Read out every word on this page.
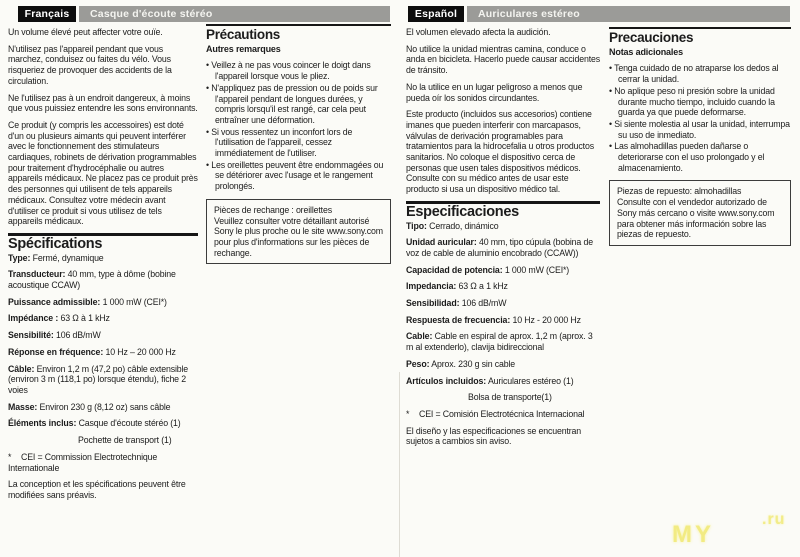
Français	Casque d'écoute stéréo	Español	Auriculares estéreo

Un volume élevé peut affecter votre ouïe.

N'utilisez pas l'appareil pendant que vous marchez, conduisez ou faites du vélo. Vous risqueriez de provoquer des accidents de la circulation.

Ne l'utilisez pas à un endroit dangereux, à moins que vous puissiez entendre les sons environnants.

Ce produit (y compris les accessoires) est doté d'un ou plusieurs aimants qui peuvent interférer avec le fonctionnement des stimulateurs cardiaques, robinets de dérivation programmables pour traitement d'hydrocéphalie ou autres appareils médicaux. Ne placez pas ce produit près des personnes qui utilisent de tels appareils médicaux. Consultez votre médecin avant d'utiliser ce produit si vous utilisez de tels appareils médicaux.

Spécifications

Type: Fermé, dynamique

Transducteur: 40 mm, type à dôme (bobine acoustique CCAW)

Puissance admissible: 1 000 mW (CEI*)

Impédance : 63 Ω à 1 kHz

Sensibilité: 106 dB/mW

Réponse en fréquence: 10 Hz – 20 000 Hz

Câble: Environ 1,2 m (47,2 po) câble extensible (environ 3 m (118,1 po) lorsque étendu), fiche 2 voies

Masse: Environ 230 g (8,12 oz) sans câble

Éléments inclus: Casque d'écoute stéréo (1)

Pochette de transport (1)

* CEI = Commission Electrotechnique Internationale

La conception et les spécifications peuvent être modifiées sans préavis.

Précautions

Autres remarques

• Veillez à ne pas vous coincer le doigt dans l'appareil lorsque vous le pliez.
• N'appliquez pas de pression ou de poids sur l'appareil pendant de longues durées, y compris lorsqu'il est rangé, car cela peut entraîner une déformation.
• Si vous ressentez un inconfort lors de l'utilisation de l'appareil, cessez immédiatement de l'utiliser.
• Les oreillettes peuvent être endommagées ou se détériorer avec l'usage et le rangement prolongés.

Pièces de rechange : oreillettes

Veuillez consulter votre détaillant autorisé Sony le plus proche ou le site www.sony.com pour plus d'informations sur les pièces de rechange.

El volumen elevado afecta la audición.

No utilice la unidad mientras camina, conduce o anda en bicicleta. Hacerlo puede causar accidentes de tránsito.

No la utilice en un lugar peligroso a menos que pueda oír los sonidos circundantes.

Este producto (incluidos sus accesorios) contiene imanes que pueden interferir con marcapasos, válvulas de derivación programables para tratamientos para la hidrocefalia u otros productos sanitarios. No coloque el dispositivo cerca de personas que usen tales dispositivos médicos. Consulte con su médico antes de usar este producto si usa un dispositivo médico tal.

Especificaciones

Tipo: Cerrado, dinámico

Unidad auricular: 40 mm, tipo cúpula (bobina de voz de cable de aluminio encobrado (CCAW))

Capacidad de potencia: 1 000 mW (CEI*)

Impedancia: 63 Ω a 1 kHz

Sensibilidad: 106 dB/mW

Respuesta de frecuencia: 10 Hz - 20 000 Hz

Cable: Cable en espiral de aprox. 1,2 m (aprox. 3 m al extenderlo), clavija bidireccional

Peso: Aprox. 230 g sin cable

Artículos incluidos: Auriculares estéreo (1)

Bolsa de transporte(1)

* CEI = Comisión Electrotécnica Internacional

El diseño y las especificaciones se encuentran sujetos a cambios sin aviso.

Precauciones

Notas adicionales

• Tenga cuidado de no atraparse los dedos al cerrar la unidad.
• No aplique peso ni presión sobre la unidad durante mucho tiempo, incluido cuando la guarda ya que puede deformarse.
• Si siente molestia al usar la unidad, interrumpa su uso de inmediato.
• Las almohadillas pueden dañarse o deteriorarse con el uso prolongado y el almacenamiento.

Piezas de repuesto: almohadillas

Consulte con el vendedor autorizado de Sony más cercano o visite www.sony.com para obtener más información sobre las piezas de repuesto.

MY
.ru
